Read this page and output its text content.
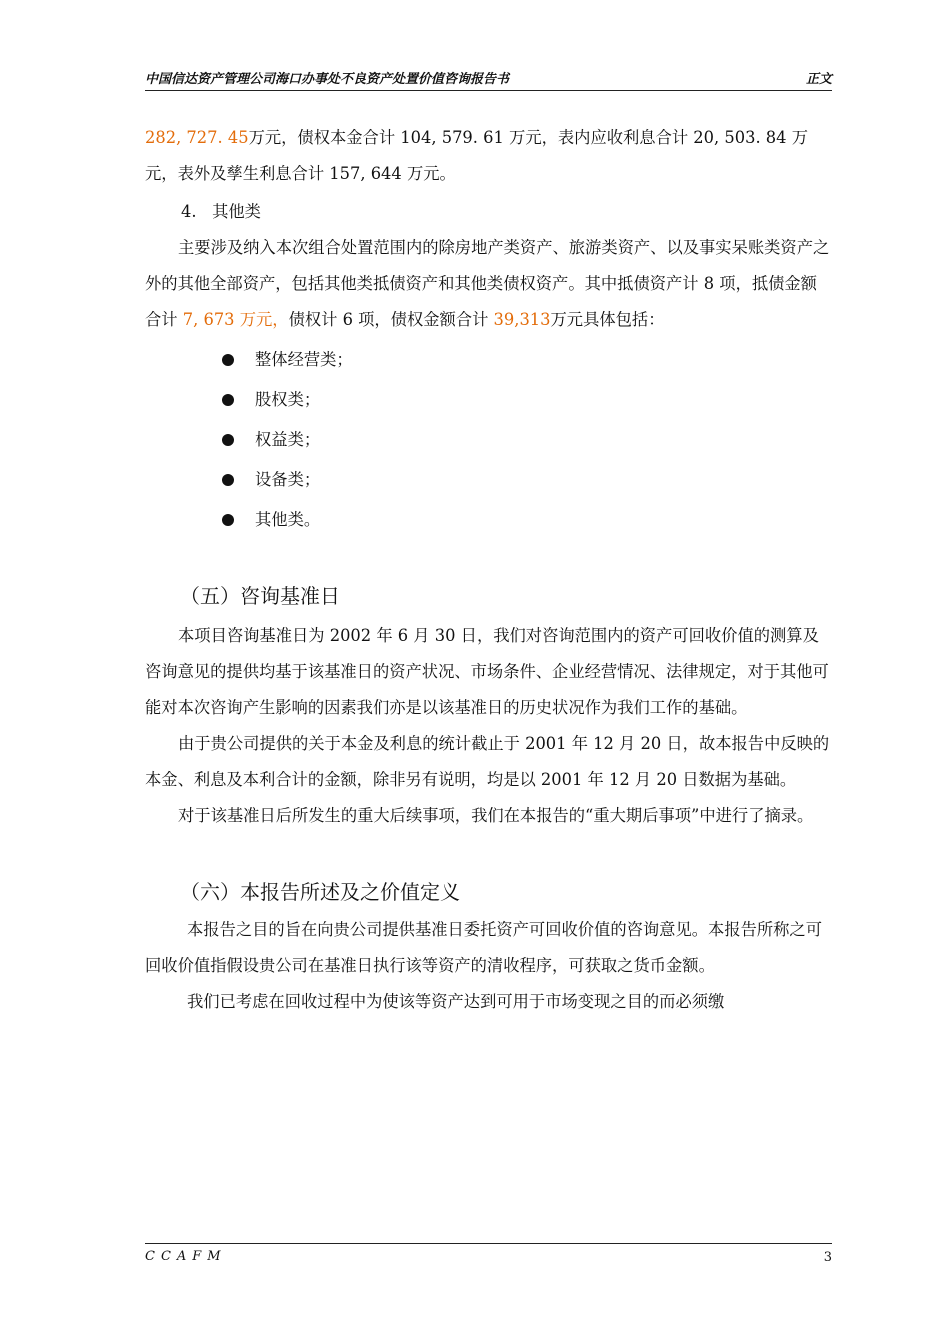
中国信达资产管理公司海口办事处不良资产处置价值咨询报告书	正文

282, 727. 45万元，债权本金合计 104, 579. 61 万元，表内应收利息合计 20, 503. 84 万元，表外及孳生利息合计 157, 644 万元。

4. 其他类

主要涉及纳入本次组合处置范围内的除房地产类资产、旅游类资产、以及事实呆账类资产之外的其他全部资产，包括其他类抵债资产和其他类债权资产。其中抵债资产计 8 项，抵债金额合计 7, 673 万元，债权计 6 项，债权金额合计 39,313万元具体包括：

整体经营类；
股权类；
权益类；
设备类；
其他类。
（五）咨询基准日

本项目咨询基准日为 2002 年 6 月 30 日，我们对咨询范围内的资产可回收价值的测算及咨询意见的提供均基于该基准日的资产状况、市场条件、企业经营情况、法律规定，对于其他可能对本次咨询产生影响的因素我们亦是以该基准日的历史状况作为我们工作的基础。

由于贵公司提供的关于本金及利息的统计截止于 2001 年 12 月 20 日，故本报告中反映的本金、利息及本利合计的金额，除非另有说明，均是以 2001 年 12 月 20 日数据为基础。

对于该基准日后所发生的重大后续事项，我们在本报告的“重大期后事项”中进行了摘录。

（六）本报告所述及之价值定义

本报告之目的旨在向贵公司提供基准日委托资产可回收价值的咨询意见。本报告所称之可回收价值指假设贵公司在基准日执行该等资产的清收程序，可获取之货币金额。

我们已考虑在回收过程中为使该等资产达到可用于市场变现之目的而必须缴

CCAFM	3
